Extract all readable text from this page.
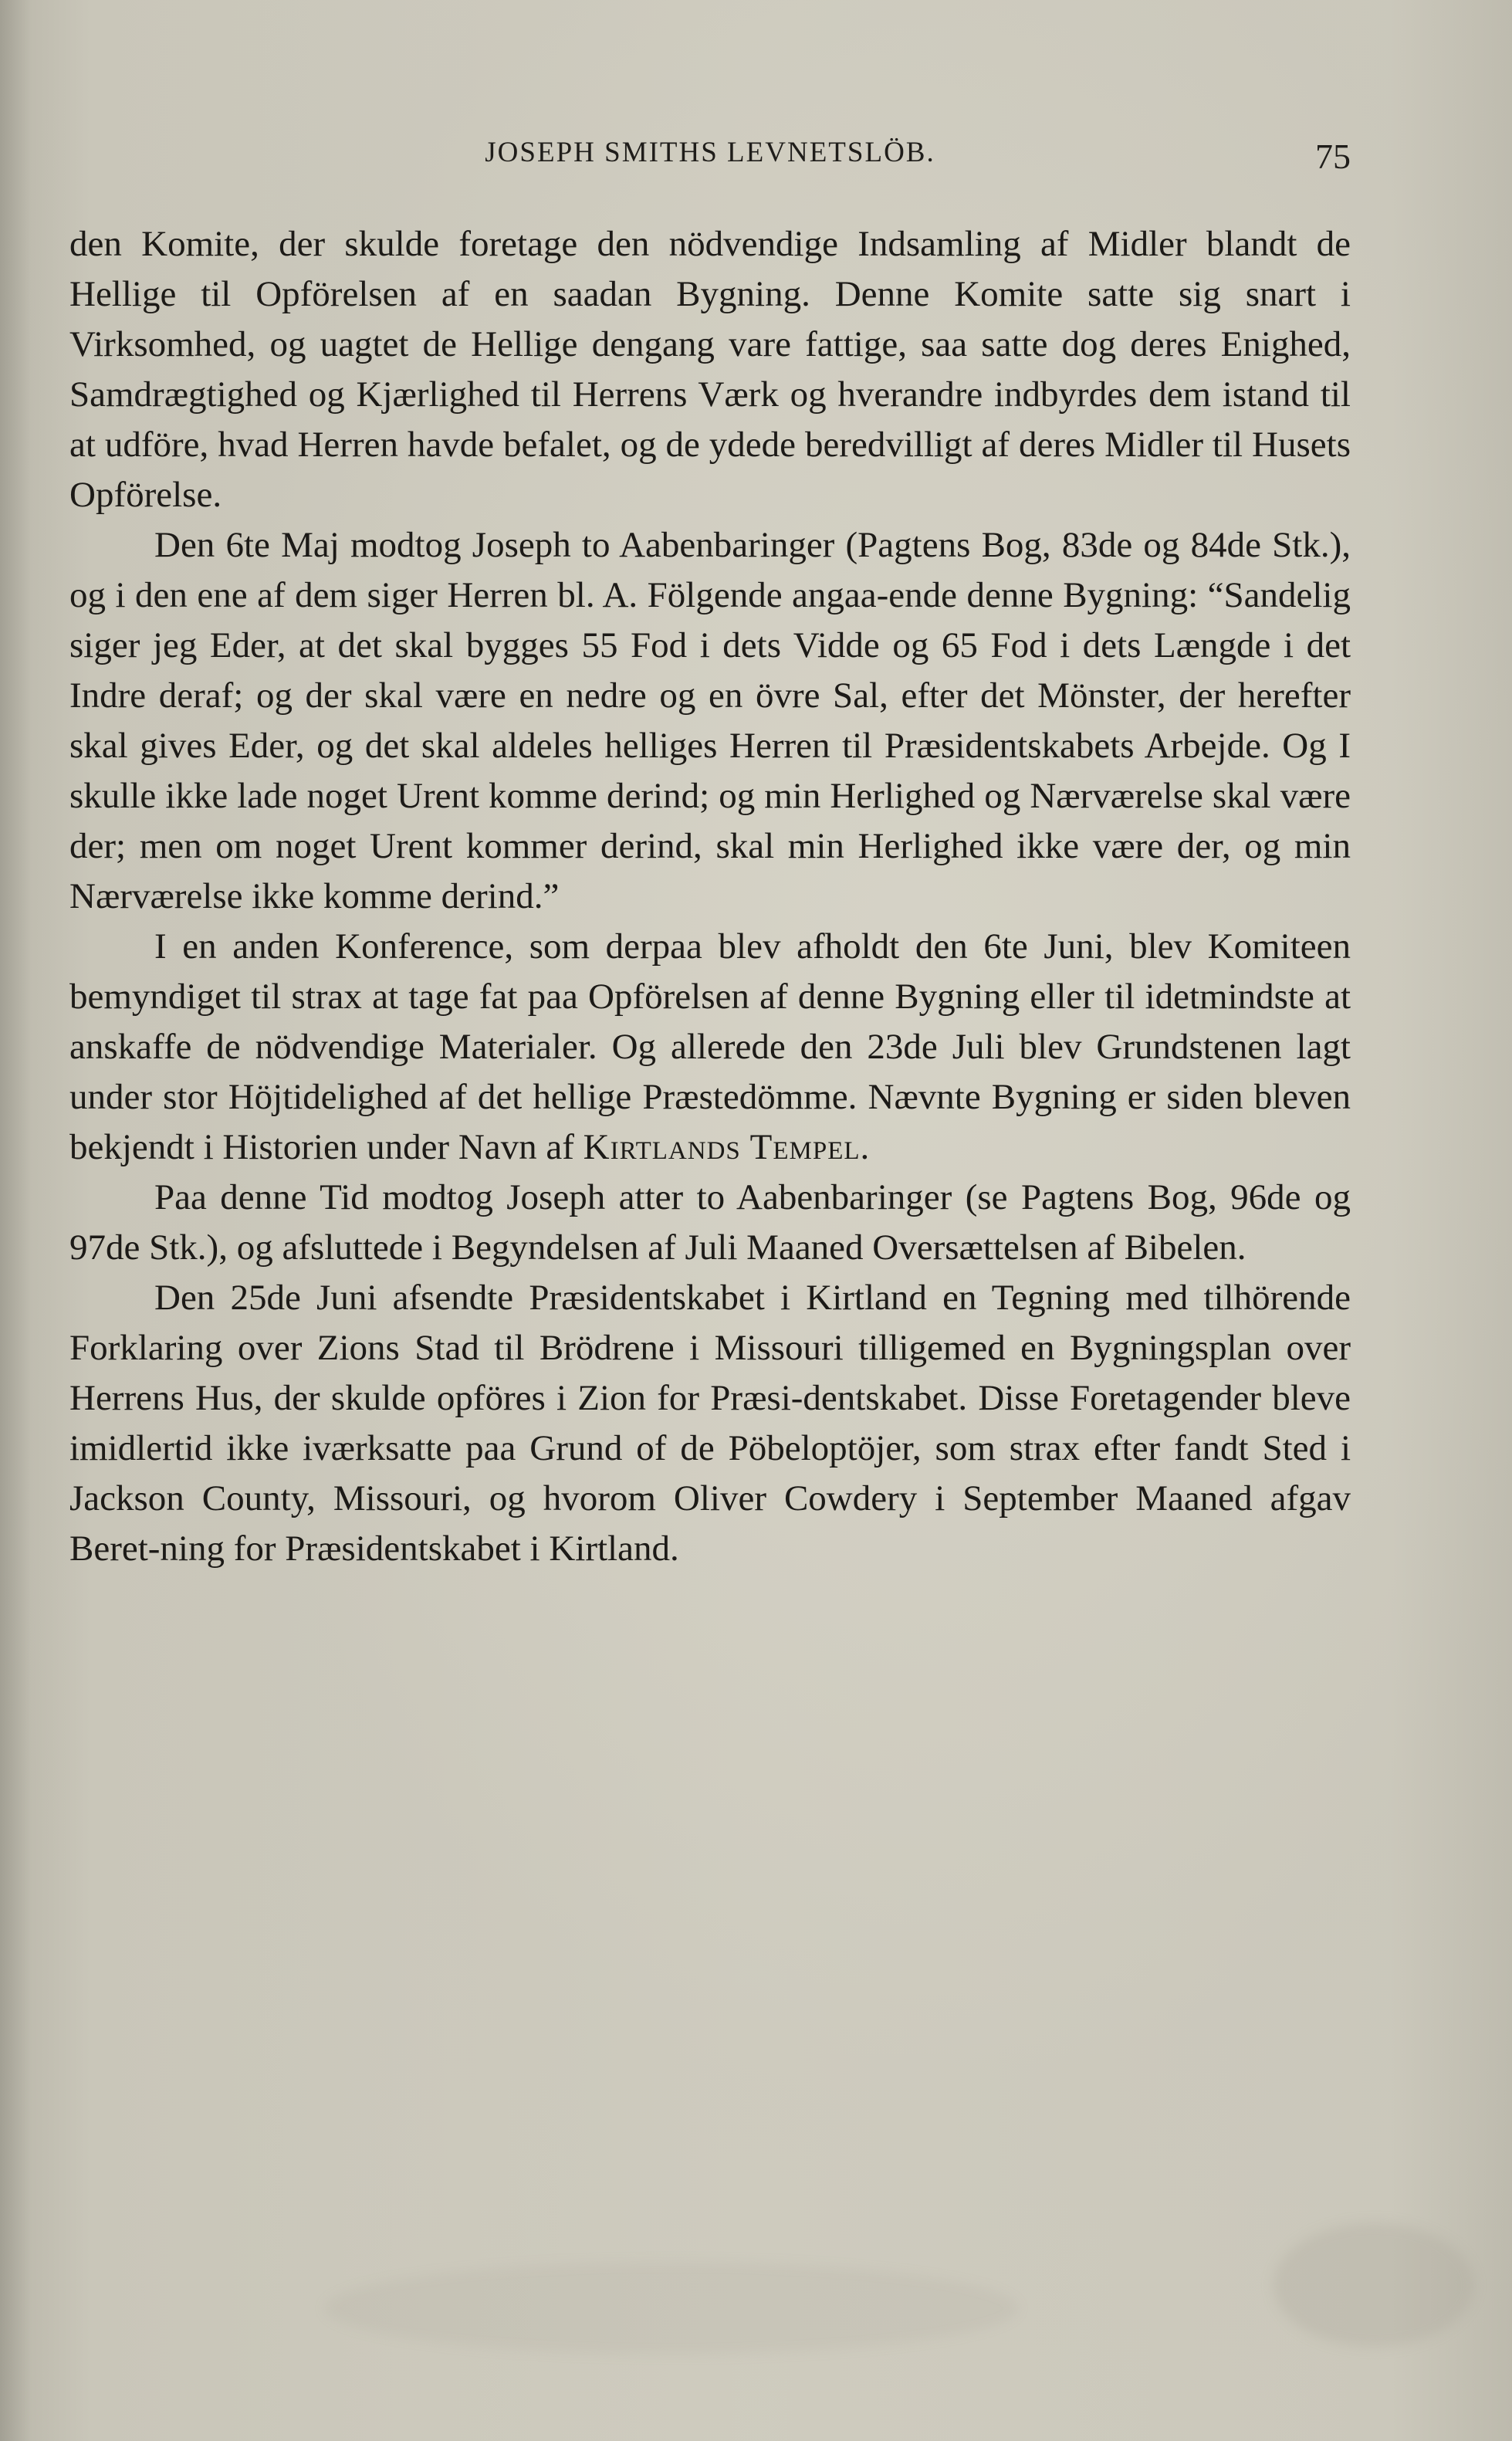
JOSEPH SMITHS LEVNETSLÖB.	75

den Komite, der skulde foretage den nödvendige Indsamling af Midler blandt de Hellige til Opförelsen af en saadan Bygning. Denne Komite satte sig snart i Virksomhed, og uagtet de Hellige dengang vare fattige, saa satte dog deres Enighed, Samdrægtighed og Kjærlighed til Herrens Værk og hverandre indbyrdes dem istand til at udföre, hvad Herren havde befalet, og de ydede beredvilligt af deres Midler til Husets Opförelse.

Den 6te Maj modtog Joseph to Aabenbaringer (Pagtens Bog, 83de og 84de Stk.), og i den ene af dem siger Herren bl. A. Fölgende angaa-ende denne Bygning: “Sandelig siger jeg Eder, at det skal bygges 55 Fod i dets Vidde og 65 Fod i dets Længde i det Indre deraf; og der skal være en nedre og en övre Sal, efter det Mönster, der herefter skal gives Eder, og det skal aldeles helliges Herren til Præsidentskabets Arbejde. Og I skulle ikke lade noget Urent komme derind; og min Herlighed og Nærværelse skal være der; men om noget Urent kommer derind, skal min Herlighed ikke være der, og min Nærværelse ikke komme derind.”

I en anden Konference, som derpaa blev afholdt den 6te Juni, blev Komiteen bemyndiget til strax at tage fat paa Opförelsen af denne Bygning eller til idetmindste at anskaffe de nödvendige Materialer. Og allerede den 23de Juli blev Grundstenen lagt under stor Höjtidelighed af det hellige Præstedömme. Nævnte Bygning er siden bleven bekjendt i Historien under Navn af Kirtlands Tempel.

Paa denne Tid modtog Joseph atter to Aabenbaringer (se Pagtens Bog, 96de og 97de Stk.), og afsluttede i Begyndelsen af Juli Maaned Oversættelsen af Bibelen.

Den 25de Juni afsendte Præsidentskabet i Kirtland en Tegning med tilhörende Forklaring over Zions Stad til Brödrene i Missouri tilligemed en Bygningsplan over Herrens Hus, der skulde opföres i Zion for Præsi-dentskabet. Disse Foretagender bleve imidlertid ikke iværksatte paa Grund of de Pöbeloptöjer, som strax efter fandt Sted i Jackson County, Missouri, og hvorom Oliver Cowdery i September Maaned afgav Beret-ning for Præsidentskabet i Kirtland.
